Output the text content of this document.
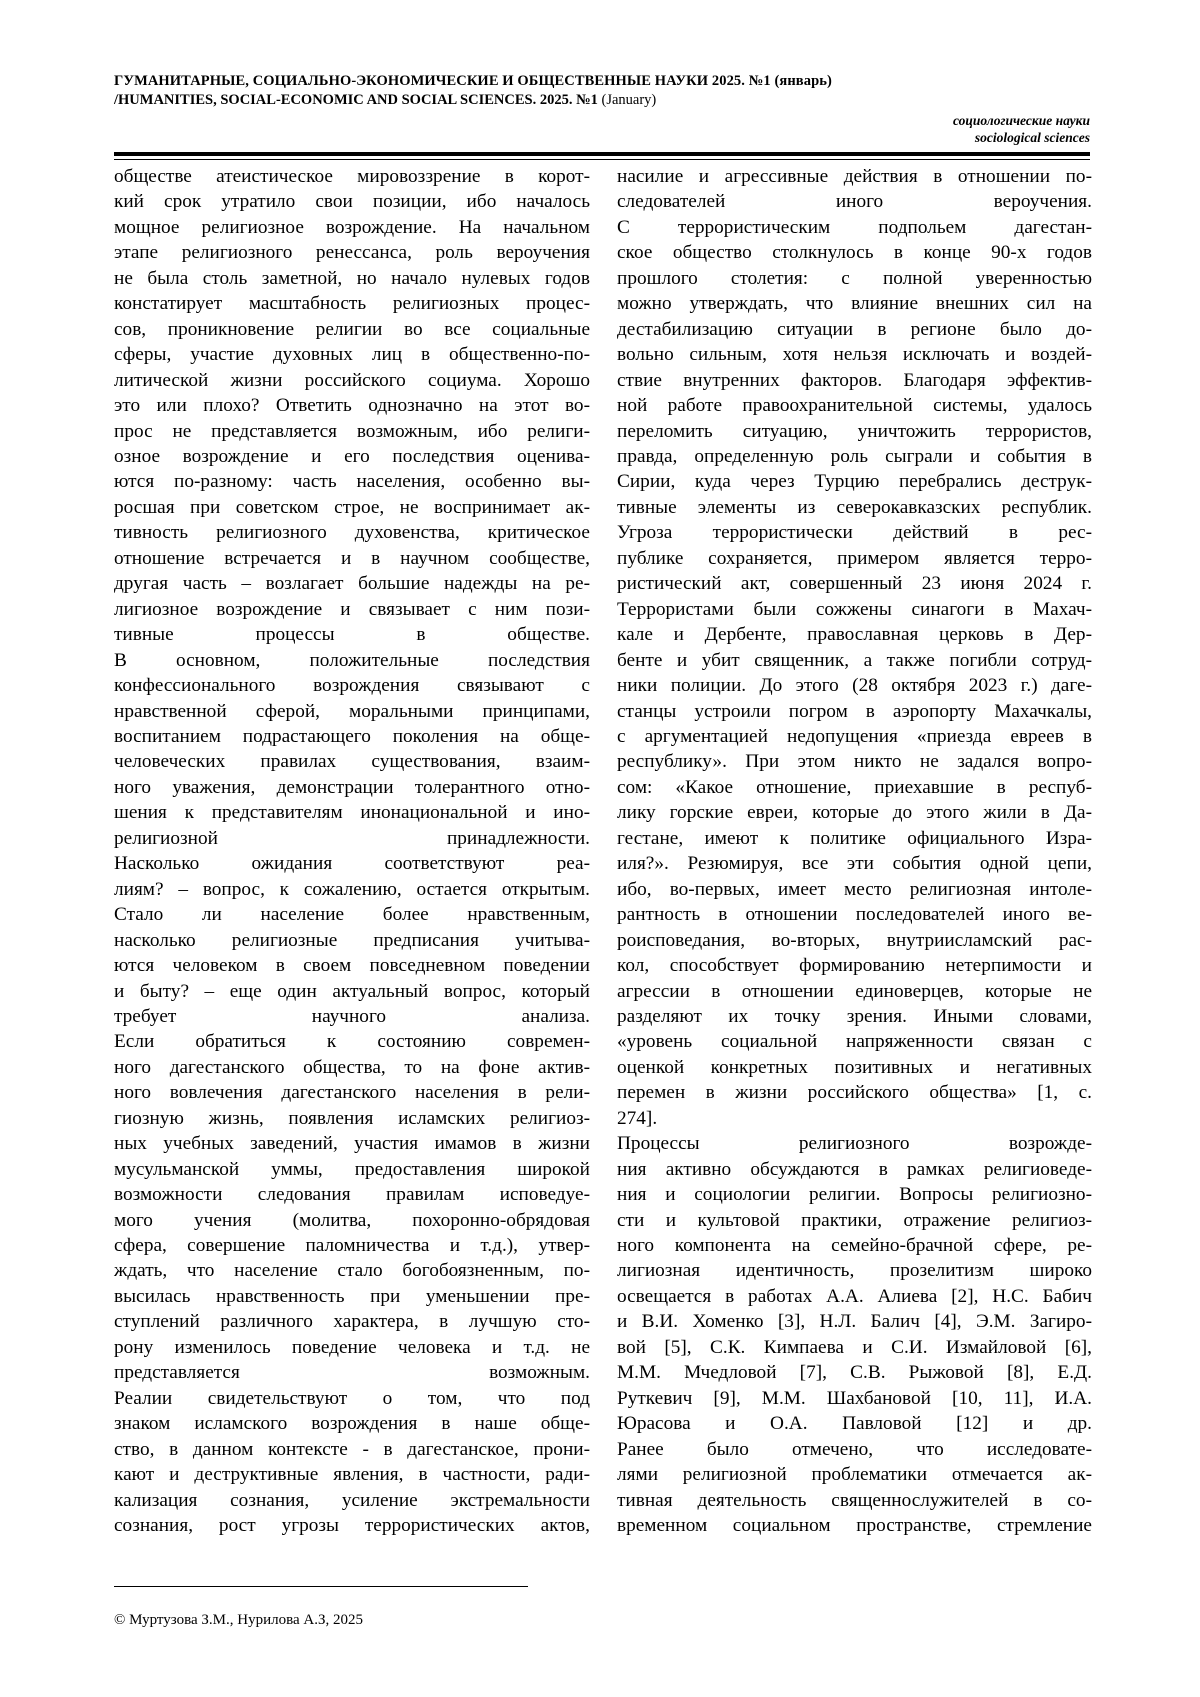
ГУМАНИТАРНЫЕ, СОЦИАЛЬНО-ЭКОНОМИЧЕСКИЕ И ОБЩЕСТВЕННЫЕ НАУКИ 2025. №1 (январь)
/HUMANITIES, SOCIAL-ECONOMIC AND SOCIAL SCIENCES. 2025. №1 (January)
социологические науки
sociological sciences
обществе атеистическое мировоззрение в корот-
кий срок утратило свои позиции, ибо началось
мощное религиозное возрождение. На начальном
этапе религиозного ренессанса, роль вероучения
не была столь заметной, но начало нулевых годов
констатирует масштабность религиозных процес-
сов, проникновение религии во все социальные
сферы, участие духовных лиц в общественно-по-
литической жизни российского социума. Хорошо
это или плохо? Ответить однозначно на этот во-
прос не представляется возможным, ибо религи-
озное возрождение и его последствия оценива-
ются по-разному: часть населения, особенно вы-
росшая при советском строе, не воспринимает ак-
тивность религиозного духовенства, критическое
отношение встречается и в научном сообществе,
другая часть – возлагает большие надежды на ре-
лигиозное возрождение и связывает с ним пози-
тивные процессы в обществе.
В основном, положительные последствия
конфессионального возрождения связывают с
нравственной сферой, моральными принципами,
воспитанием подрастающего поколения на обще-
человеческих правилах существования, взаим-
ного уважения, демонстрации толерантного отно-
шения к представителям инонациональной и ино-
религиозной принадлежности.
Насколько ожидания соответствуют реа-
лиям? – вопрос, к сожалению, остается открытым.
Стало ли население более нравственным,
насколько религиозные предписания учитыва-
ются человеком в своем повседневном поведении
и быту? – еще один актуальный вопрос, который
требует научного анализа.
Если обратиться к состоянию современ-
ного дагестанского общества, то на фоне актив-
ного вовлечения дагестанского населения в рели-
гиозную жизнь, появления исламских религиоз-
ных учебных заведений, участия имамов в жизни
мусульманской уммы, предоставления широкой
возможности следования правилам исповедуе-
мого учения (молитва, похоронно-обрядовая
сфера, совершение паломничества и т.д.), утвер-
ждать, что население стало богобоязненным, по-
высилась нравственность при уменьшении пре-
ступлений различного характера, в лучшую сто-
рону изменилось поведение человека и т.д. не
представляется возможным.
Реалии свидетельствуют о том, что под
знаком исламского возрождения в наше обще-
ство, в данном контексте - в дагестанское, прони-
кают и деструктивные явления, в частности, ради-
кализация сознания, усиление экстремальности
сознания, рост угрозы террористических актов,
насилие и агрессивные действия в отношении по-
следователей иного вероучения.
С террористическим подпольем дагестан-
ское общество столкнулось в конце 90-х годов
прошлого столетия: с полной уверенностью
можно утверждать, что влияние внешних сил на
дестабилизацию ситуации в регионе было до-
вольно сильным, хотя нельзя исключать и воздей-
ствие внутренних факторов. Благодаря эффектив-
ной работе правоохранительной системы, удалось
переломить ситуацию, уничтожить террористов,
правда, определенную роль сыграли и события в
Сирии, куда через Турцию перебрались деструк-
тивные элементы из северокавказских республик.
Угроза террористически действий в рес-
публике сохраняется, примером является терро-
ристический акт, совершенный 23 июня 2024 г.
Террористами были сожжены синагоги в Махач-
кале и Дербенте, православная церковь в Дер-
бенте и убит священник, а также погибли сотруд-
ники полиции. До этого (28 октября 2023 г.) даге-
станцы устроили погром в аэропорту Махачкалы,
с аргументацией недопущения «приезда евреев в
республику». При этом никто не задался вопро-
сом: «Какое отношение, приехавшие в респуб-
лику горские евреи, которые до этого жили в Да-
гестане, имеют к политике официального Изра-
иля?». Резюмируя, все эти события одной цепи,
ибо, во-первых, имеет место религиозная интоле-
рантность в отношении последователей иного ве-
роисповедания, во-вторых, внутриисламский рас-
кол, способствует формированию нетерпимости и
агрессии в отношении единоверцев, которые не
разделяют их точку зрения. Иными словами,
«уровень социальной напряженности связан с
оценкой конкретных позитивных и негативных
перемен в жизни российского общества» [1, с.
274].
Процессы религиозного возрожде-
ния активно обсуждаются в рамках религиоведе-
ния и социологии религии. Вопросы религиозно-
сти и культовой практики, отражение религиоз-
ного компонента на семейно-брачной сфере, ре-
лигиозная идентичность, прозелитизм широко
освещается в работах А.А. Алиева [2], Н.С. Бабич
и В.И. Хоменко [3], Н.Л. Балич [4], Э.М. Загиро-
вой [5], С.К. Кимпаева и С.И. Измайловой [6],
М.М. Мчедловой [7], С.В. Рыжовой [8], Е.Д.
Руткевич [9], М.М. Шахбановой [10, 11], И.А.
Юрасова и О.А. Павловой [12] и др.
Ранее было отмечено, что исследовате-
лями религиозной проблематики отмечается ак-
тивная деятельность священнослужителей в со-
временном социальном пространстве, стремление
© Муртузова З.М., Нурилова А.З, 2025
